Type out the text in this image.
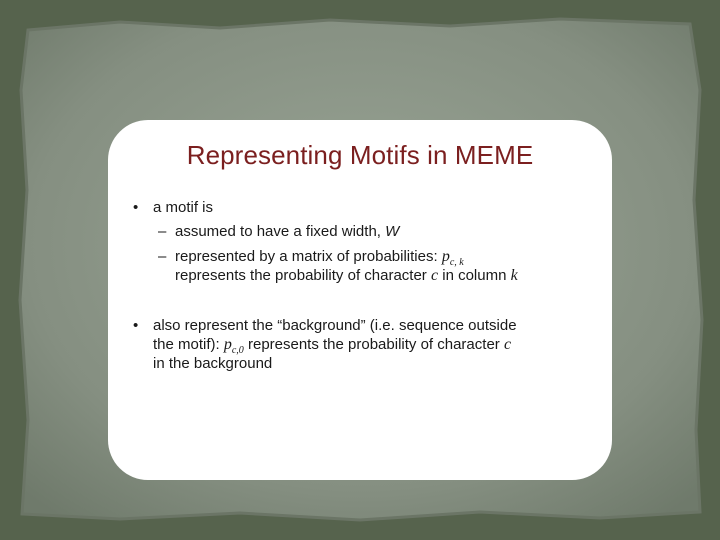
Representing Motifs in MEME
• a motif is
– assumed to have a fixed width, W
– represented by a matrix of probabilities: $p_{c, k}$
represents the probability of character c in column k
• also represent the “background” (i.e. sequence outside
the motif): $p_{c,0}$ represents the probability of character c
in the background
